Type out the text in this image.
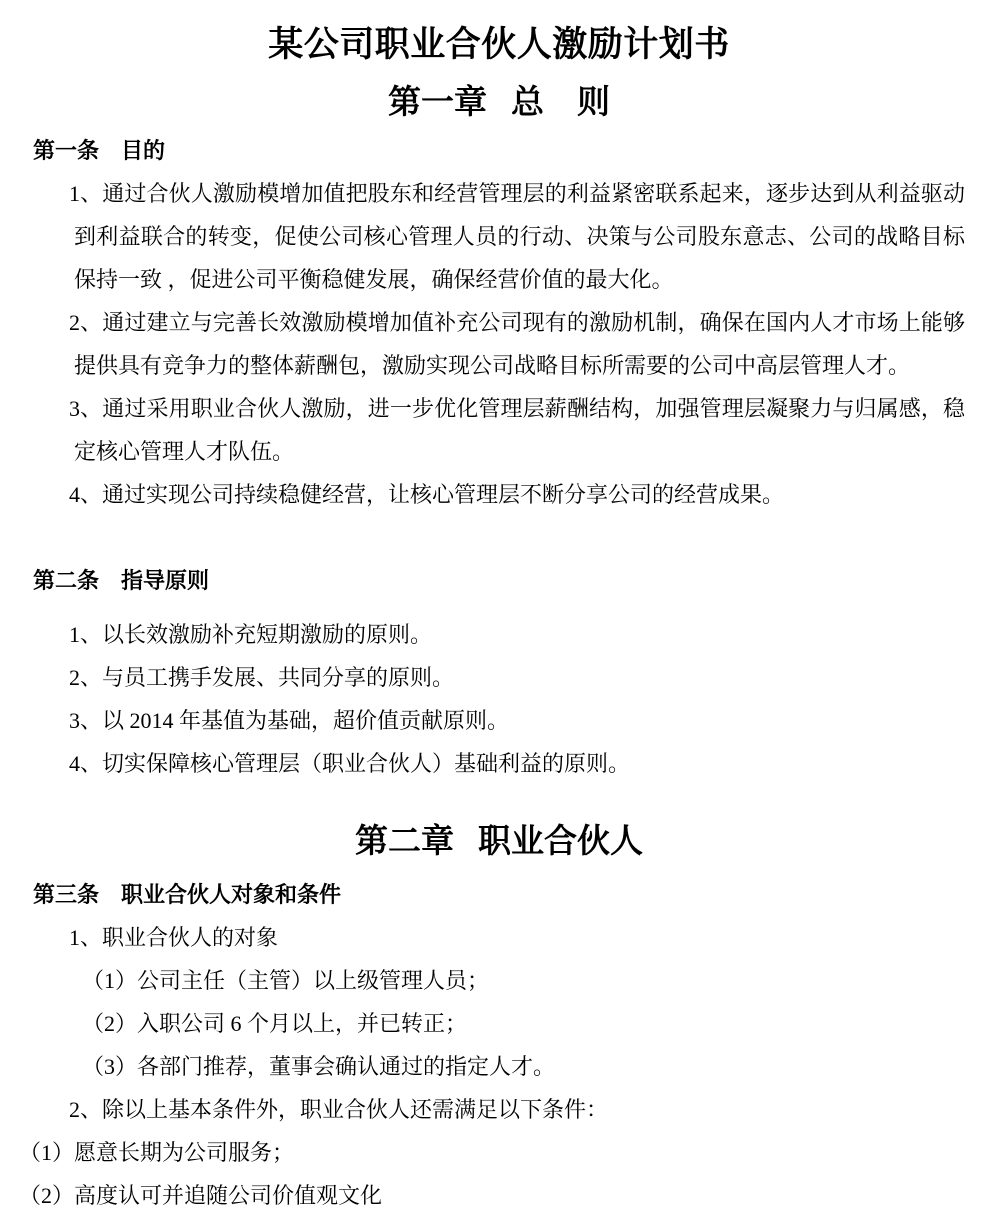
某公司职业合伙人激励计划书
第一章 总　则
第一条 目的

1、通过合伙人激励模增加值把股东和经营管理层的利益紧密联系起来，逐步达到从利益驱动到利益联合的转变，促使公司核心管理人员的行动、决策与公司股东意志、公司的战略目标保持一致 ，促进公司平衡稳健发展，确保经营价值的最大化。

2、通过建立与完善长效激励模增加值补充公司现有的激励机制，确保在国内人才市场上能够提供具有竞争力的整体薪酬包，激励实现公司战略目标所需要的公司中高层管理人才。

3、通过采用职业合伙人激励，进一步优化管理层薪酬结构，加强管理层凝聚力与归属感，稳定核心管理人才队伍。

4、通过实现公司持续稳健经营，让核心管理层不断分享公司的经营成果。

第二条 指导原则

1、以长效激励补充短期激励的原则。

2、与员工携手发展、共同分享的原则。

3、以 2014 年基值为基础，超价值贡献原则。

4、切实保障核心管理层（职业合伙人）基础利益的原则。

第二章 职业合伙人
第三条 职业合伙人对象和条件

1、职业合伙人的对象

（1）公司主任（主管）以上级管理人员；

（2）入职公司 6 个月以上，并已转正；

（3）各部门推荐，董事会确认通过的指定人才。

2、除以上基本条件外，职业合伙人还需满足以下条件：

（1）愿意长期为公司服务；

（2）高度认可并追随公司价值观文化
